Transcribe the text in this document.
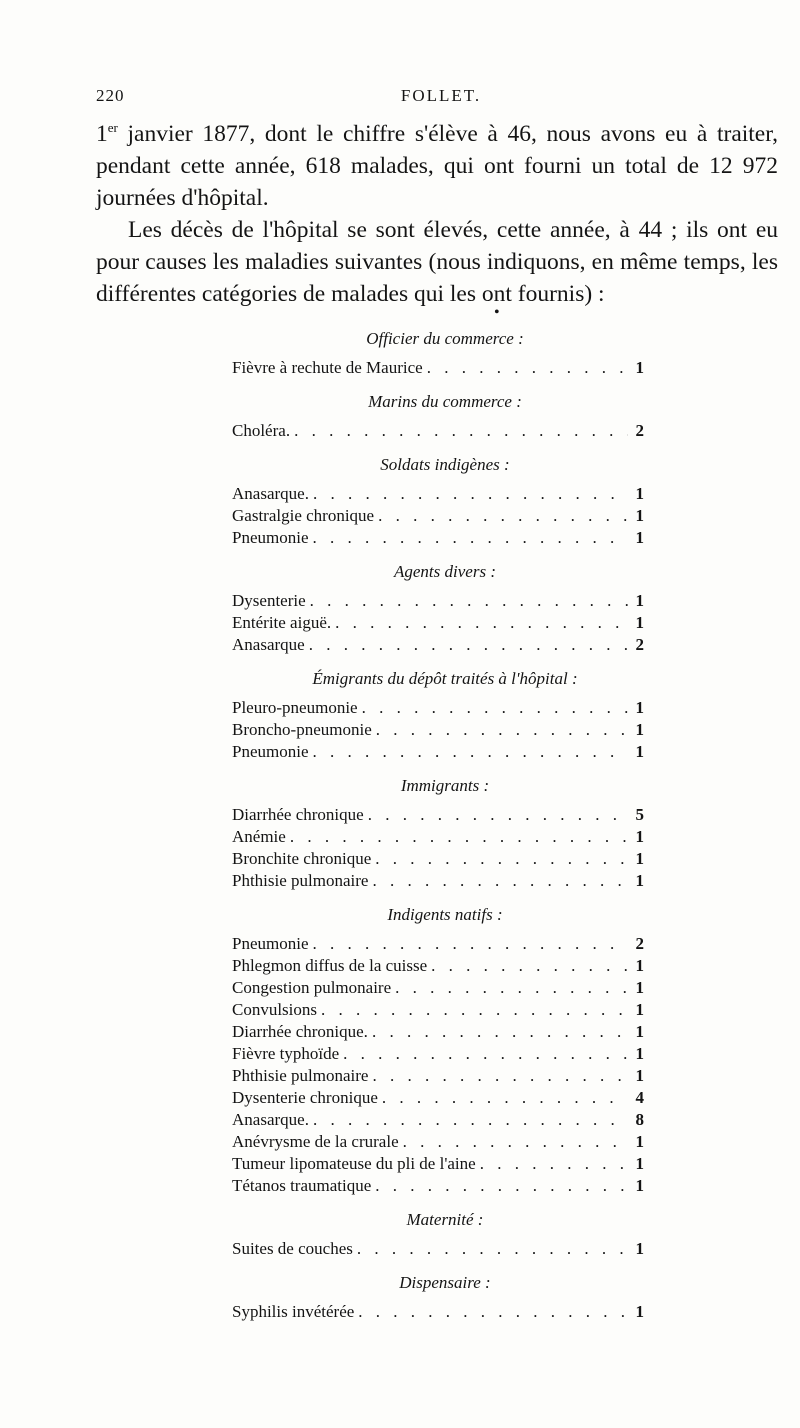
220	FOLLET.

1er janvier 1877, dont le chiffre s'élève à 46, nous avons eu à traiter, pendant cette année, 618 malades, qui ont fourni un total de 12 972 journées d'hôpital.

Les décès de l'hôpital se sont élevés, cette année, à 44 ; ils ont eu pour causes les maladies suivantes (nous indiquons, en même temps, les différentes catégories de malades qui les ont fournis) :

•
Officier du commerce :
Fièvre à rechute de Maurice . . .	1
Marins du commerce :
Choléra. . . .	2
Soldats indigènes :
Anasarque. . . .	1
Gastralgie chronique . . .	1
Pneumonie . . .	1
Agents divers :
Dysenterie . . .	1
Entérite aiguë. . . .	1
Anasarque . . .	2
Émigrants du dépôt traités à l'hôpital :
Pleuro-pneumonie . . .	1
Broncho-pneumonie . . .	1
Pneumonie . . .	1
Immigrants :
Diarrhée chronique . . .	5
Anémie . . .	1
Bronchite chronique . . .	1
Phthisie pulmonaire . . .	1
Indigents natifs :
Pneumonie . . .	2
Phlegmon diffus de la cuisse . . .	1
Congestion pulmonaire . . .	1
Convulsions . . .	1
Diarrhée chronique. . . .	1
Fièvre typhoïde . . .	1
Phthisie pulmonaire . . .	1
Dysenterie chronique . . .	4
Anasarque. . . .	8
Anévrysme de la crurale . . .	1
Tumeur lipomateuse du pli de l'aine . . .	1
Tétanos traumatique . . .	1
Maternité :
Suites de couches . . .	1
Dispensaire :
Syphilis invétérée . . .	1
